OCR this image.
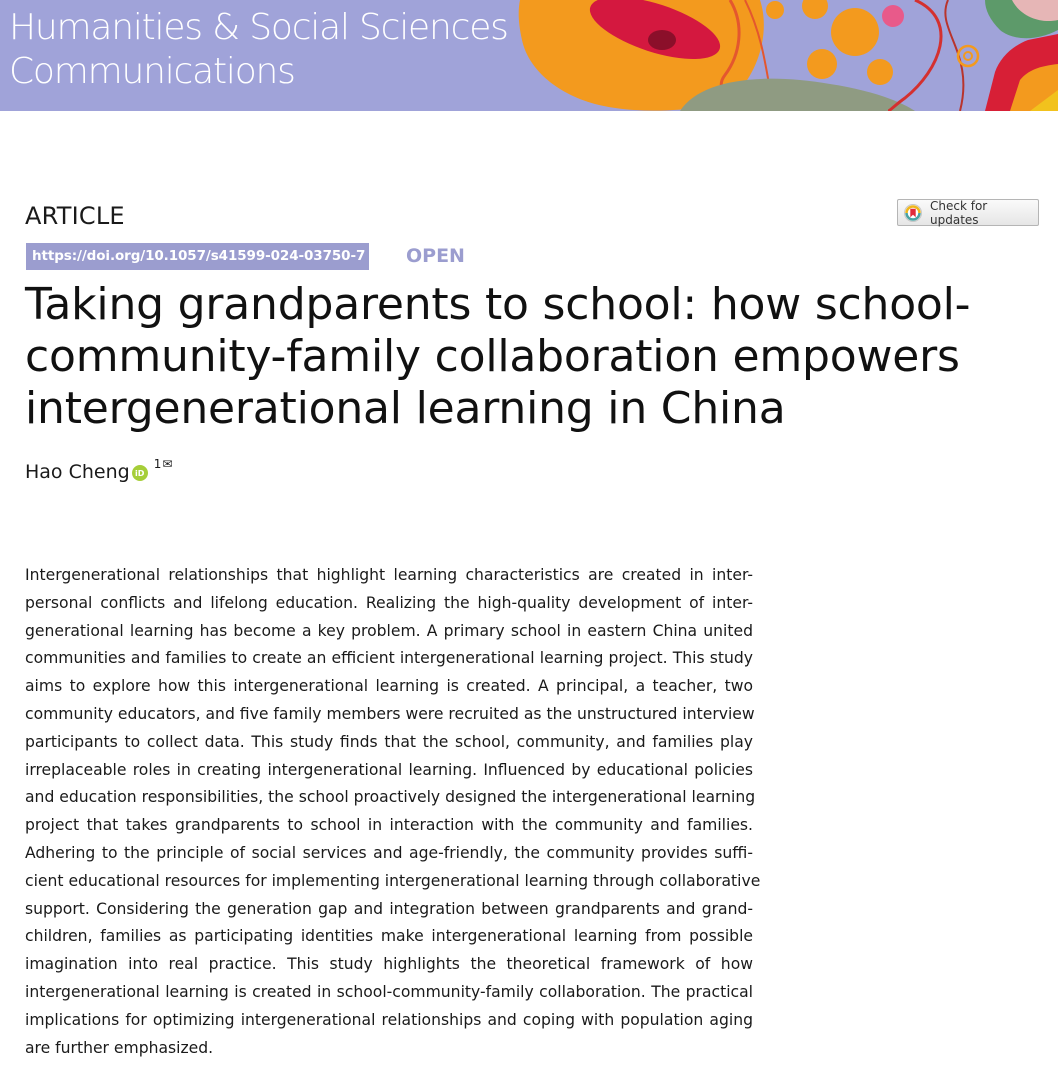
Humanities & Social Sciences
Communications
ARTICLE	Check for updates
https://doi.org/10.1057/s41599-024-03750-7 OPEN
Taking grandparents to school: how school-
community-family collaboration empowers
intergenerational learning in China
Hao Cheng iD
$^1$ ✉
Intergenerational relationships that highlight learning characteristics are created in inter-
personal conflicts and lifelong education. Realizing the high-quality development of inter-
generational learning has become a key problem. A primary school in eastern China united
communities and families to create an efficient intergenerational learning project. This study
aims to explore how this intergenerational learning is created. A principal, a teacher, two
community educators, and five family members were recruited as the unstructured interview
participants to collect data. This study finds that the school, community, and families play
irreplaceable roles in creating intergenerational learning. Influenced by educational policies
and education responsibilities, the school proactively designed the intergenerational learning
project that takes grandparents to school in interaction with the community and families.
Adhering to the principle of social services and age-friendly, the community provides suffi-
cient educational resources for implementing intergenerational learning through collaborative
support. Considering the generation gap and integration between grandparents and grand-
children, families as participating identities make intergenerational learning from possible
imagination into real practice. This study highlights the theoretical framework of how
intergenerational learning is created in school-community-family collaboration. The practical
implications for optimizing intergenerational relationships and coping with population aging
are further emphasized.
